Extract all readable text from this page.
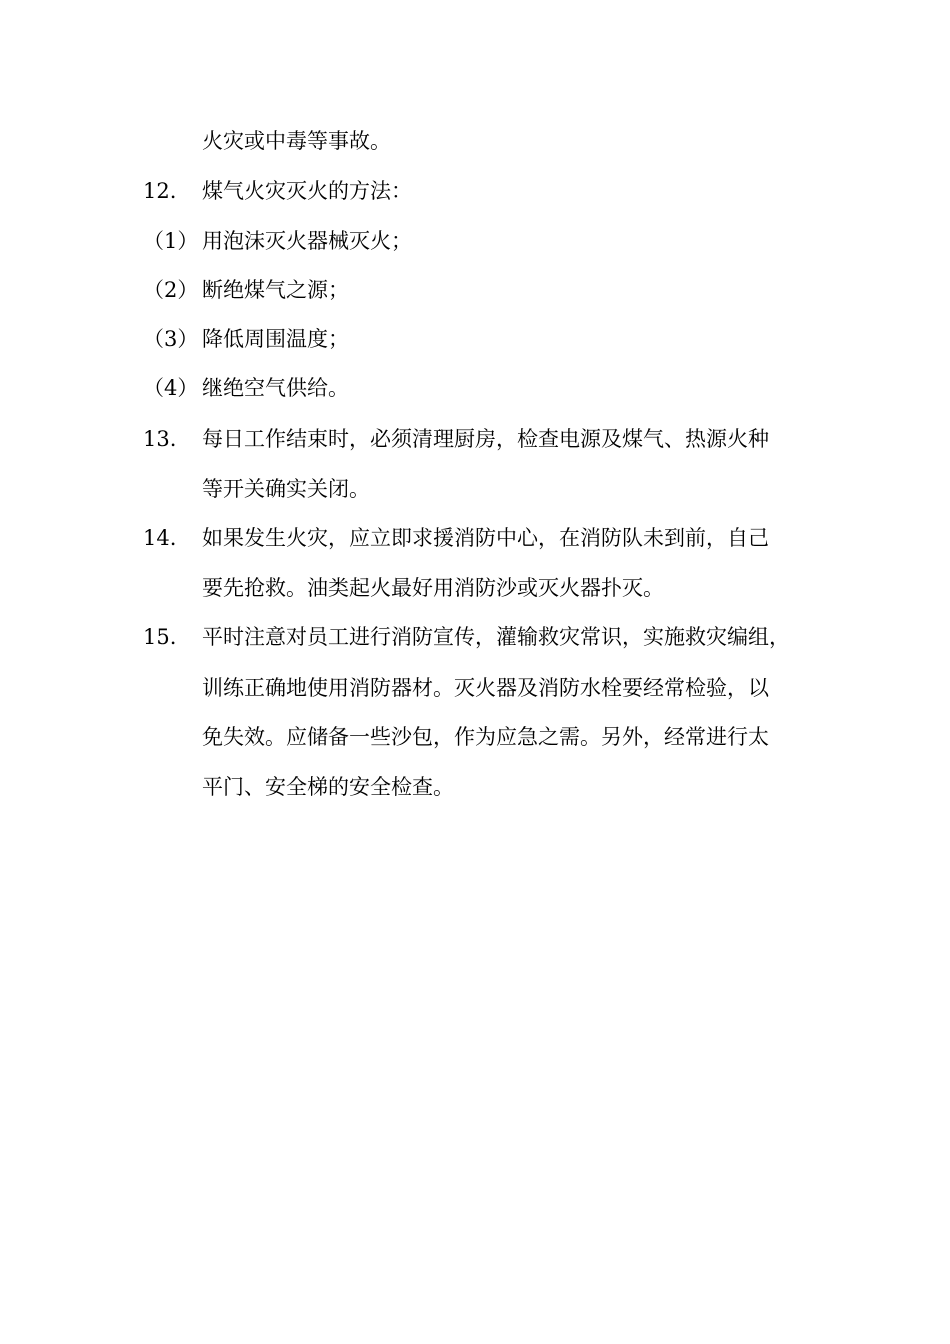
火灾或中毒等事故。
12. 煤气火灾灭火的方法：
（1） 用泡沫灭火器械灭火；
（2） 断绝煤气之源；
（3） 降低周围温度；
（4） 继绝空气供给。
13. 每日工作结束时，必须清理厨房，检查电源及煤气、热源火种
等开关确实关闭。
14. 如果发生火灾，应立即求援消防中心，在消防队未到前，自己
要先抢救。油类起火最好用消防沙或灭火器扑灭。
15. 平时注意对员工进行消防宣传，灌输救灾常识，实施救灾编组，
训练正确地使用消防器材。灭火器及消防水栓要经常检验，以
免失效。应储备一些沙包，作为应急之需。另外，经常进行太
平门、安全梯的安全检查。
